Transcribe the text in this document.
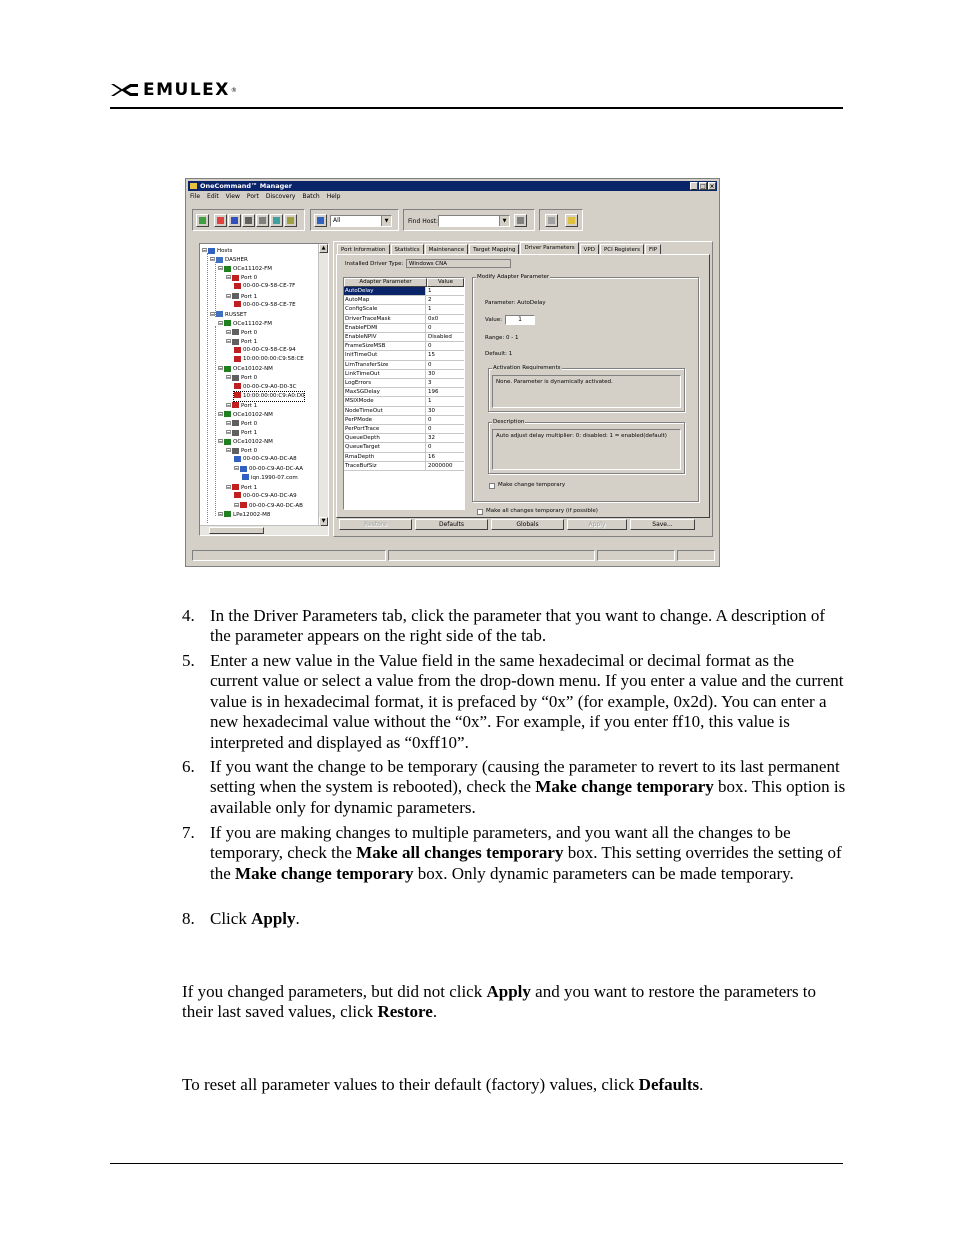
EMULEX ®
OneCommand™ Manager	_ □ ×
File Edit View Port Discovery Batch Help
All	▼	Find Host:	▼
⊟ Hosts
⊟ DASHER
⊟ OCe11102-FM
⊟ Port 0
00-00-C9-58-CE-7F
⊟ Port 1
00-00-C9-58-CE-7E
⊟ RUSSET
⊟ OCe11102-FM
⊟ Port 0
⊟ Port 1
00-00-C9-58-CE-94
10:00:00:00:C9:58:CE
⊟ OCe10102-NM
⊟ Port 0
00-00-C9-A0-D0-3C
10:00:00:00:C9:A0:D0
⊟ Port 1
⊟ OCe10102-NM
⊟ Port 0
⊟ Port 1
⊟ OCe10102-NM
⊟ Port 0
00-00-C9-A0-DC-A8
⊟ 00-00-C9-A0-DC-AA
iqn.1990-07.com
⊟ Port 1
00-00-C9-A0-DC-A9
⊟ 00-00-C9-A0-DC-AB
⊟ LPe12002-M8
▲
▼
Port Information	Statistics	Maintenance	Target Mapping	Driver Parameters	VPD	PCI Registers	FIP
Installed Driver Type:	Windows CNA
Adapter Parameter	Value
AutoDelay	1
AutoMap	2
ConfigScale	1
DriverTraceMask	0x0
EnableFDMI	0
EnableNPIV	Disabled
FrameSizeMSB	0
InitTimeOut	15
LimTransferSize	0
LinkTimeOut	30
LogErrors	3
MaxSGDelay	196
MSIXMode	1
NodeTimeOut	30
PerPMode	0
PerPortTrace	0
QueueDepth	32
QueueTarget	0
RmaDepth	16
TraceBufSiz	2000000
Modify Adapter Parameter
Parameter: AutoDelay
Value:	1
Range: 0 - 1
Default: 1
Activation Requirements
None. Parameter is dynamically activated.
Description
Auto adjust delay multiplier: 0: disabled: 1 = enabled(default)
Make change temporary
Make all changes temporary (if possible)
Restore	Defaults	Globals	Apply	Save...
4. In the Driver Parameters tab, click the parameter that you want to change. A description of the parameter appears on the right side of the tab.
5. Enter a new value in the Value field in the same hexadecimal or decimal format as the current value or select a value from the drop-down menu. If you enter a value and the current value is in hexadecimal format, it is prefaced by “0x” (for example, 0x2d). You can enter a new hexadecimal value without the “0x”. For example, if you enter ff10, this value is interpreted and displayed as “0xff10”.
6. If you want the change to be temporary (causing the parameter to revert to its last permanent setting when the system is rebooted), check the Make change temporary box. This option is available only for dynamic parameters.
7. If you are making changes to multiple parameters, and you want all the changes to be temporary, check the Make all changes temporary box. This setting overrides the setting of the Make change temporary box. Only dynamic parameters can be made temporary.
8. Click Apply.
If you changed parameters, but did not click Apply and you want to restore the parameters to their last saved values, click Restore.
To reset all parameter values to their default (factory) values, click Defaults.
